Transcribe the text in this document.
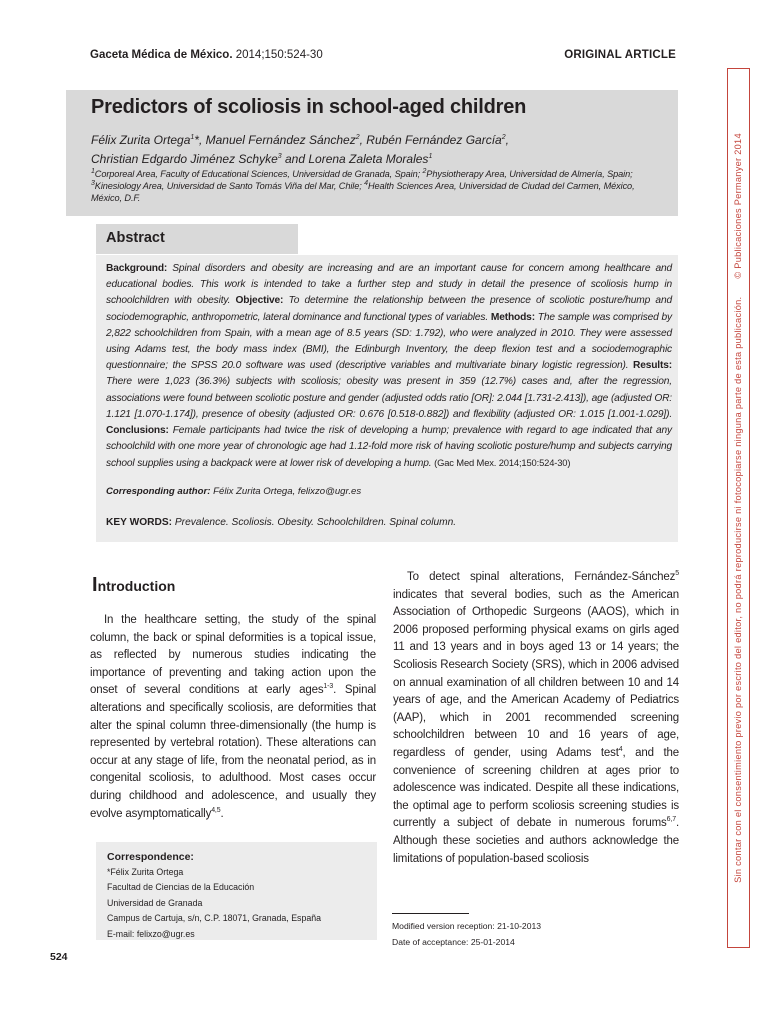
Gaceta Médica de México. 2014;150:524-30	ORIGINAL ARTICLE
Predictors of scoliosis in school-aged children
Félix Zurita Ortega$^1$*, Manuel Fernández Sánchez$^2$, Rubén Fernández García$^2$,
Christian Edgardo Jiménez Schyke$^3$ and Lorena Zaleta Morales$^1$
$^1$Corporeal Area, Faculty of Educational Sciences, Universidad de Granada, Spain; $^2$Physiotherapy Area, Universidad de Almería, Spain;
$^3$Kinesiology Area, Universidad de Santo Tomás Viña del Mar, Chile; $^4$Health Sciences Area, Universidad de Ciudad del Carmen, México,
México, D.F.
Abstract
Background: Spinal disorders and obesity are increasing and are an important cause for concern among healthcare and educational bodies. This work is intended to take a further step and study in detail the presence of scoliosis hump in schoolchildren with obesity. Objective: To determine the relationship between the presence of scoliotic posture/hump and sociodemographic, anthropometric, lateral dominance and functional types of variables. Methods: The sample was comprised by 2,822 schoolchildren from Spain, with a mean age of 8.5 years (SD: 1.792), who were analyzed in 2010. They were assessed using Adams test, the body mass index (BMI), the Edinburgh Inventory, the deep flexion test and a sociodemographic questionnaire; the SPSS 20.0 software was used (descriptive variables and multivariate binary logistic regression). Results: There were 1,023 (36.3%) subjects with scoliosis; obesity was present in 359 (12.7%) cases and, after the regression, associations were found between scoliotic posture and gender (adjusted odds ratio [OR]: 2.044 [1.731-2.413]), age (adjusted OR: 1.121 [1.070-1.174]), presence of obesity (adjusted OR: 0.676 [0.518-0.882]) and flexibility (adjusted OR: 1.015 [1.001-1.029]). Conclusions: Female participants had twice the risk of developing a hump; prevalence with regard to age indicated that any schoolchild with one more year of chronologic age had 1.12-fold more risk of having scoliotic posture/hump and subjects carrying school supplies using a backpack were at lower risk of developing a hump. (Gac Med Mex. 2014;150:524-30)
Corresponding author: Félix Zurita Ortega, felixzo@ugr.es
KEY WORDS: Prevalence. Scoliosis. Obesity. Schoolchildren. Spinal column.
Introduction
In the healthcare setting, the study of the spinal column, the back or spinal deformities is a topical issue, as reflected by numerous studies indicating the importance of preventing and taking action upon the onset of several conditions at early ages$^{1-3}$. Spinal alterations and specifically scoliosis, are deformities that alter the spinal column three-dimensionally (the hump is represented by vertebral rotation). These alterations can occur at any stage of life, from the neonatal period, as in congenital scoliosis, to adulthood. Most cases occur during childhood and adolescence, and usually they evolve asymptomatically$^{4,5}$.
To detect spinal alterations, Fernández-Sánchez$^5$ indicates that several bodies, such as the American Association of Orthopedic Surgeons (AAOS), which in 2006 proposed performing physical exams on girls aged 11 and 13 years and in boys aged 13 or 14 years; the Scoliosis Research Society (SRS), which in 2006 advised on annual examination of all children between 10 and 14 years of age, and the American Academy of Pediatrics (AAP), which in 2001 recommended screening schoolchildren between 10 and 16 years of age, regardless of gender, using Adams test$^4$, and the convenience of screening children at ages prior to adolescence was indicated. Despite all these indications, the optimal age to perform scoliosis screening studies is currently a subject of debate in numerous forums$^{6,7}$. Although these societies and authors acknowledge the limitations of population-based scoliosis
Correspondence:
*Félix Zurita Ortega
Facultad de Ciencias de la Educación
Universidad de Granada
Campus de Cartuja, s/n, C.P. 18071, Granada, España
E-mail: felixzo@ugr.es
Modified version reception: 21-10-2013
Date of acceptance: 25-01-2014
524
Sin contar con el consentimiento previo por escrito del editor, no podrá reproducirse ni fotocopiarse ninguna parte de esta publicación.© Publicaciones Permanyer 2014
